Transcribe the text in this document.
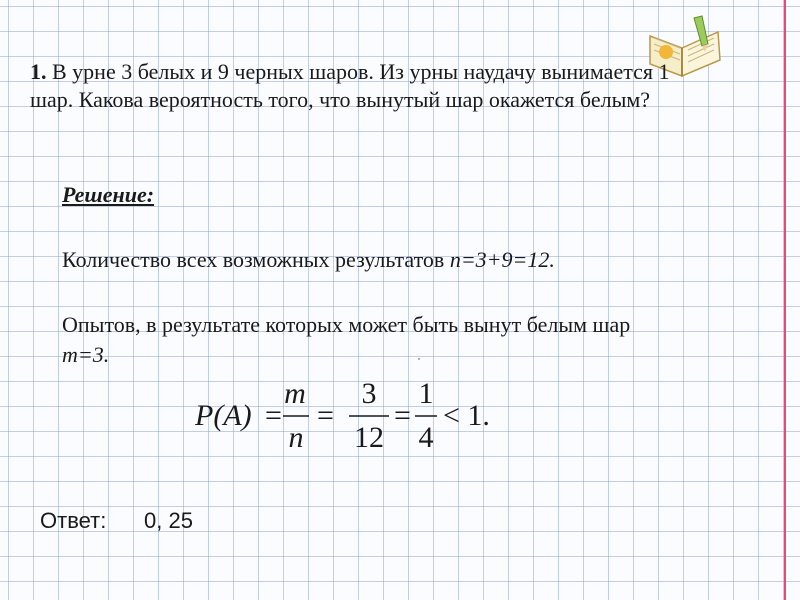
1. В урне 3 белых и 9 черных шаров. Из урны наудачу вынимается 1 шар. Какова вероятность того, что вынутый шар окажется белым?
Решение:
Количество всех возможных результатов n=3+9=12.
Опытов, в результате которых может быть вынут белым шар m=3.
P(A) =
m
n
=
3
12
=
1
4
< 1.
Ответ: 0, 25
